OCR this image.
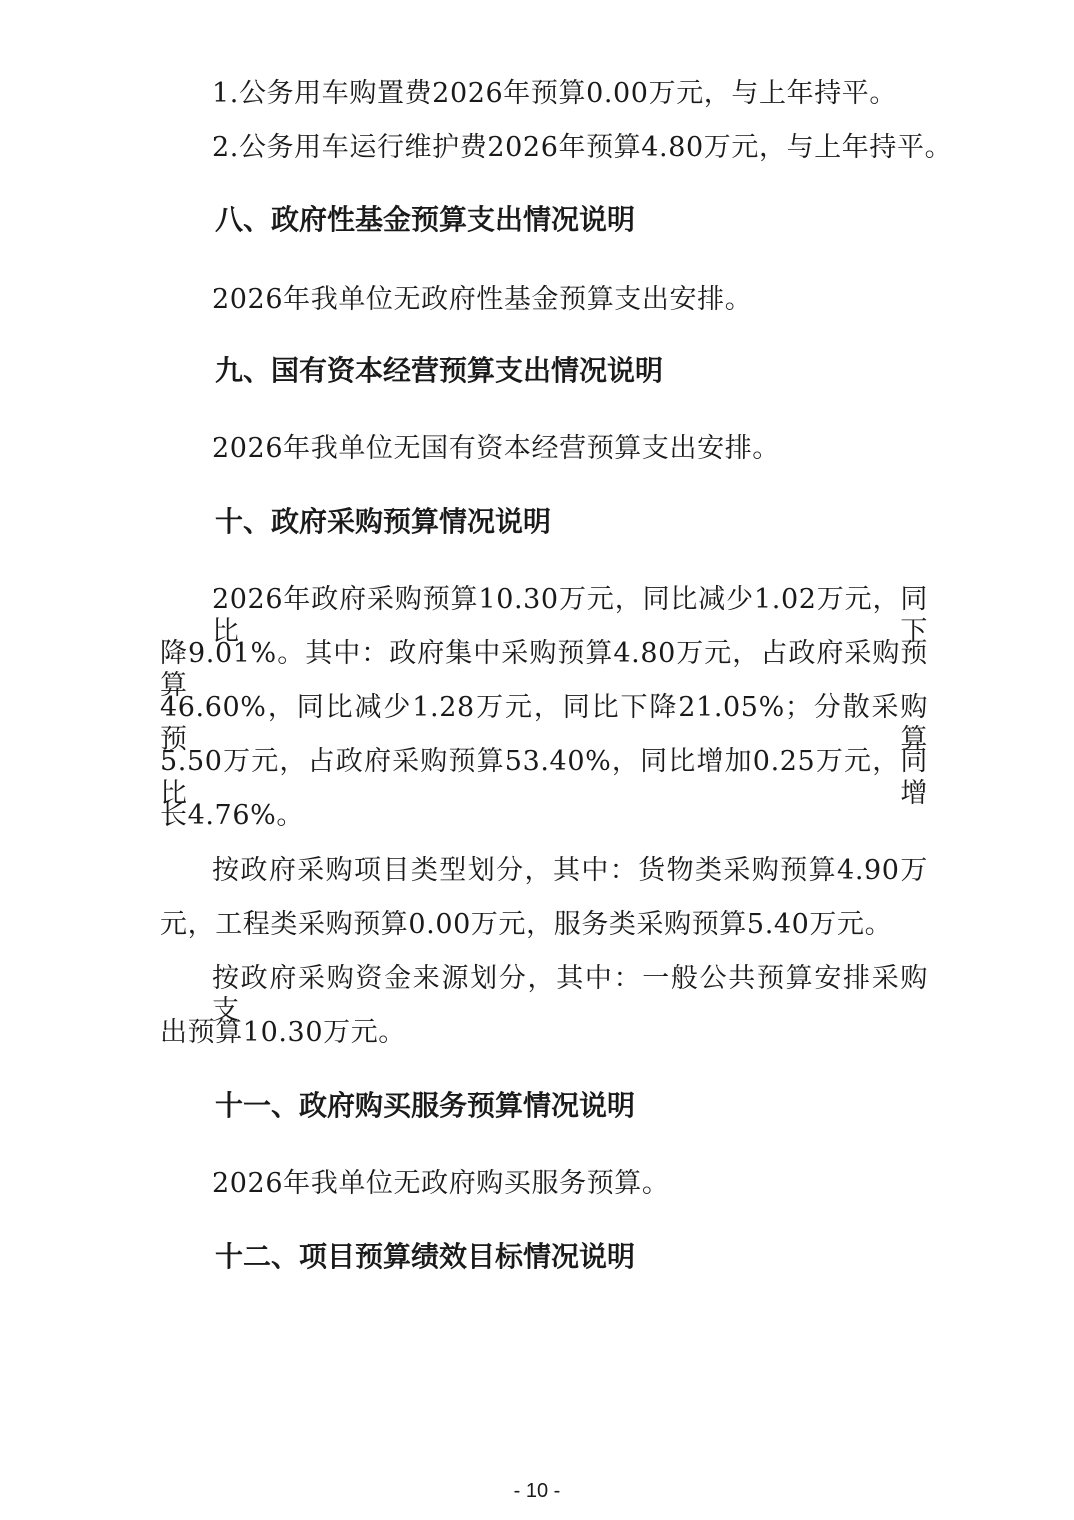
1.公务用车购置费2026年预算0.00万元，与上年持平。
2.公务用车运行维护费2026年预算4.80万元，与上年持平。
八、政府性基金预算支出情况说明
2026年我单位无政府性基金预算支出安排。
九、国有资本经营预算支出情况说明
2026年我单位无国有资本经营预算支出安排。
十、政府采购预算情况说明
2026年政府采购预算10.30万元，同比减少1.02万元，同比下
降9.01%。其中：政府集中采购预算4.80万元，占政府采购预算
46.60%，同比减少1.28万元，同比下降21.05%；分散采购预算
5.50万元，占政府采购预算53.40%，同比增加0.25万元，同比增
长4.76%。
按政府采购项目类型划分，其中：货物类采购预算4.90万
元，工程类采购预算0.00万元，服务类采购预算5.40万元。
按政府采购资金来源划分，其中：一般公共预算安排采购支
出预算10.30万元。
十一、政府购买服务预算情况说明
2026年我单位无政府购买服务预算。
十二、项目预算绩效目标情况说明
- 10 -
